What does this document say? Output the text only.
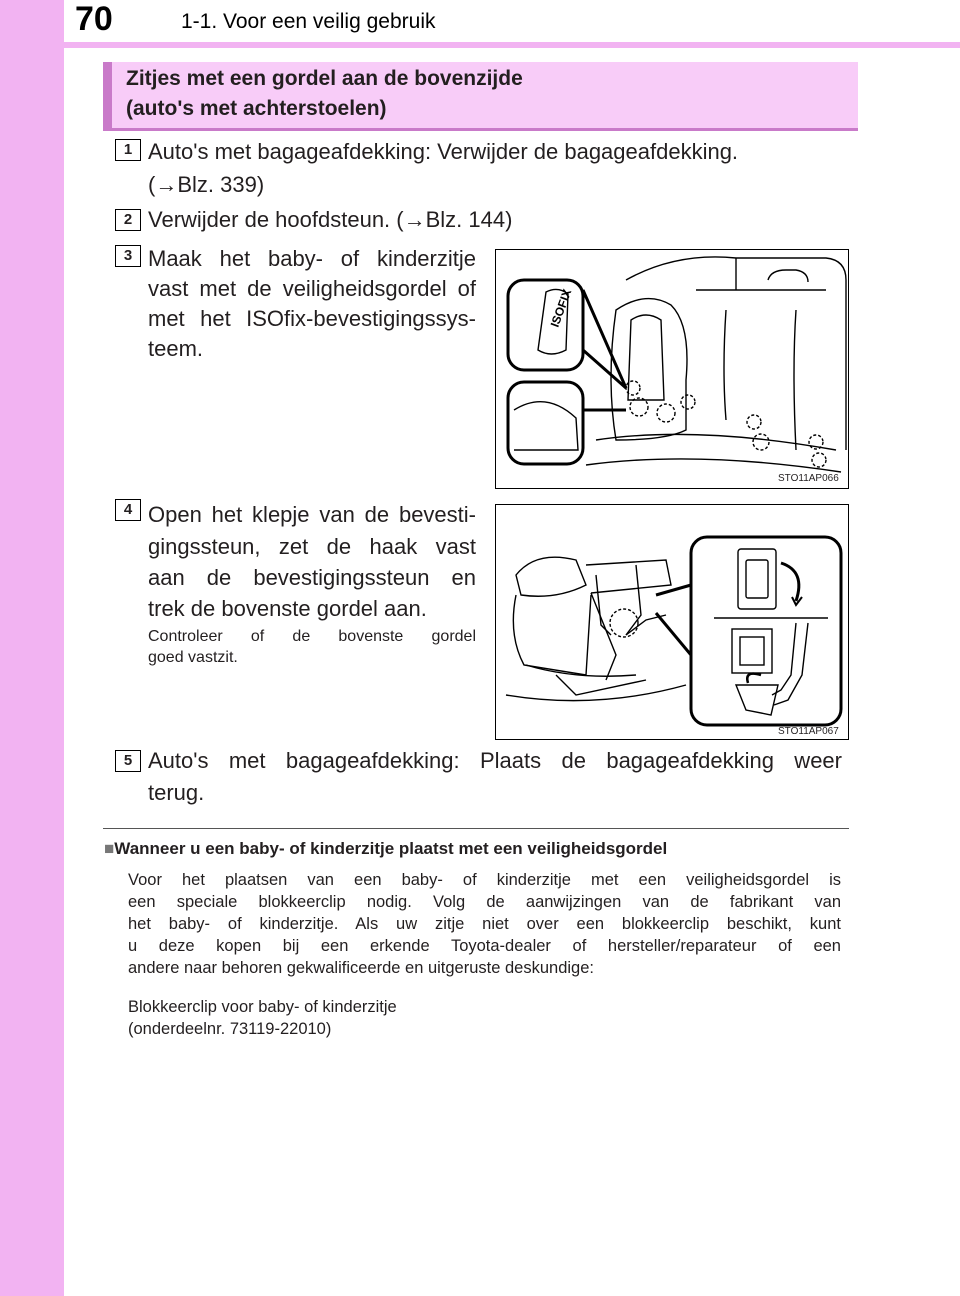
70	1-1. Voor een veilig gebruik
Zitjes met een gordel aan de bovenzijde
(auto's met achterstoelen)
1 Auto's met bagageafdekking: Verwijder de bagageafdekking.
(→Blz. 339)
2 Verwijder de hoofdsteun. (→Blz. 144)
3 Maak het baby- of kinderzitje
vast met de veiligheidsgordel of
met het ISOfix-bevestigingssys-
teem.
ISOFIX
STO11AP066
4 Open het klepje van de bevesti-
gingssteun, zet de haak vast
aan de bevestigingssteun en
trek de bovenste gordel aan.
Controleer of de bovenste gordel
goed vastzit.
STO11AP067
5 Auto's met bagageafdekking: Plaats de bagageafdekking weer
terug.
■Wanneer u een baby- of kinderzitje plaatst met een veiligheidsgordel
Voor het plaatsen van een baby- of kinderzitje met een veiligheidsgordel is
een speciale blokkeerclip nodig. Volg de aanwijzingen van de fabrikant van
het baby- of kinderzitje. Als uw zitje niet over een blokkeerclip beschikt, kunt
u deze kopen bij een erkende Toyota-dealer of hersteller/reparateur of een
andere naar behoren gekwalificeerde en uitgeruste deskundige:
Blokkeerclip voor baby- of kinderzitje
(onderdeelnr. 73119-22010)
